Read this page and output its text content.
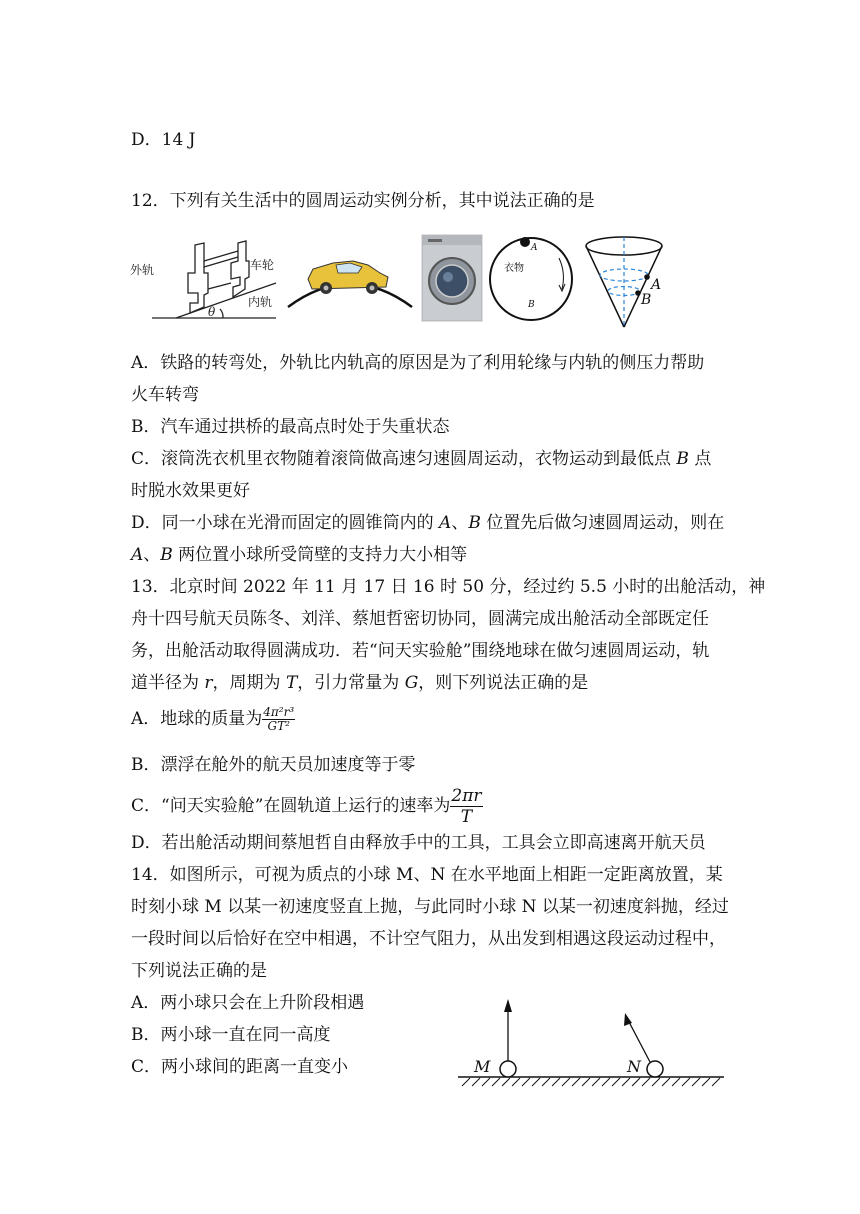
D．14 J
12．下列有关生活中的圆周运动实例分析，其中说法正确的是
外轨	车轮
内轨
θ
A
衣物
B
A
B
A．铁路的转弯处，外轨比内轨高的原因是为了利用轮缘与内轨的侧压力帮助
火车转弯
B．汽车通过拱桥的最高点时处于失重状态
C．滚筒洗衣机里衣物随着滚筒做高速匀速圆周运动，衣物运动到最低点 B 点
时脱水效果更好
D．同一小球在光滑而固定的圆锥筒内的 A、B 位置先后做匀速圆周运动，则在
A、B 两位置小球所受筒壁的支持力大小相等
13．北京时间 2022 年 11 月 17 日 16 时 50 分，经过约 5.5 小时的出舱活动，神
舟十四号航天员陈冬、刘洋、蔡旭哲密切协同，圆满完成出舱活动全部既定任
务，出舱活动取得圆满成功．若“问天实验舱”围绕地球在做匀速圆周运动，轨
道半径为 r，周期为 T，引力常量为 G，则下列说法正确的是
A．地球的质量为 $\frac{\text{4π²r³}}{\text{GT²}}$
B．漂浮在舱外的航天员加速度等于零
C．“问天实验舱”在圆轨道上运行的速率为 $\frac{2\pi r}{T}$
D．若出舱活动期间蔡旭哲自由释放手中的工具，工具会立即高速离开航天员
14．如图所示，可视为质点的小球 M、N 在水平地面上相距一定距离放置，某
时刻小球 M 以某一初速度竖直上抛，与此同时小球 N 以某一初速度斜抛，经过
一段时间以后恰好在空中相遇，不计空气阻力，从出发到相遇这段运动过程中，
下列说法正确的是
A．两小球只会在上升阶段相遇
B．两小球一直在同一高度
C．两小球间的距离一直变小	M	N
